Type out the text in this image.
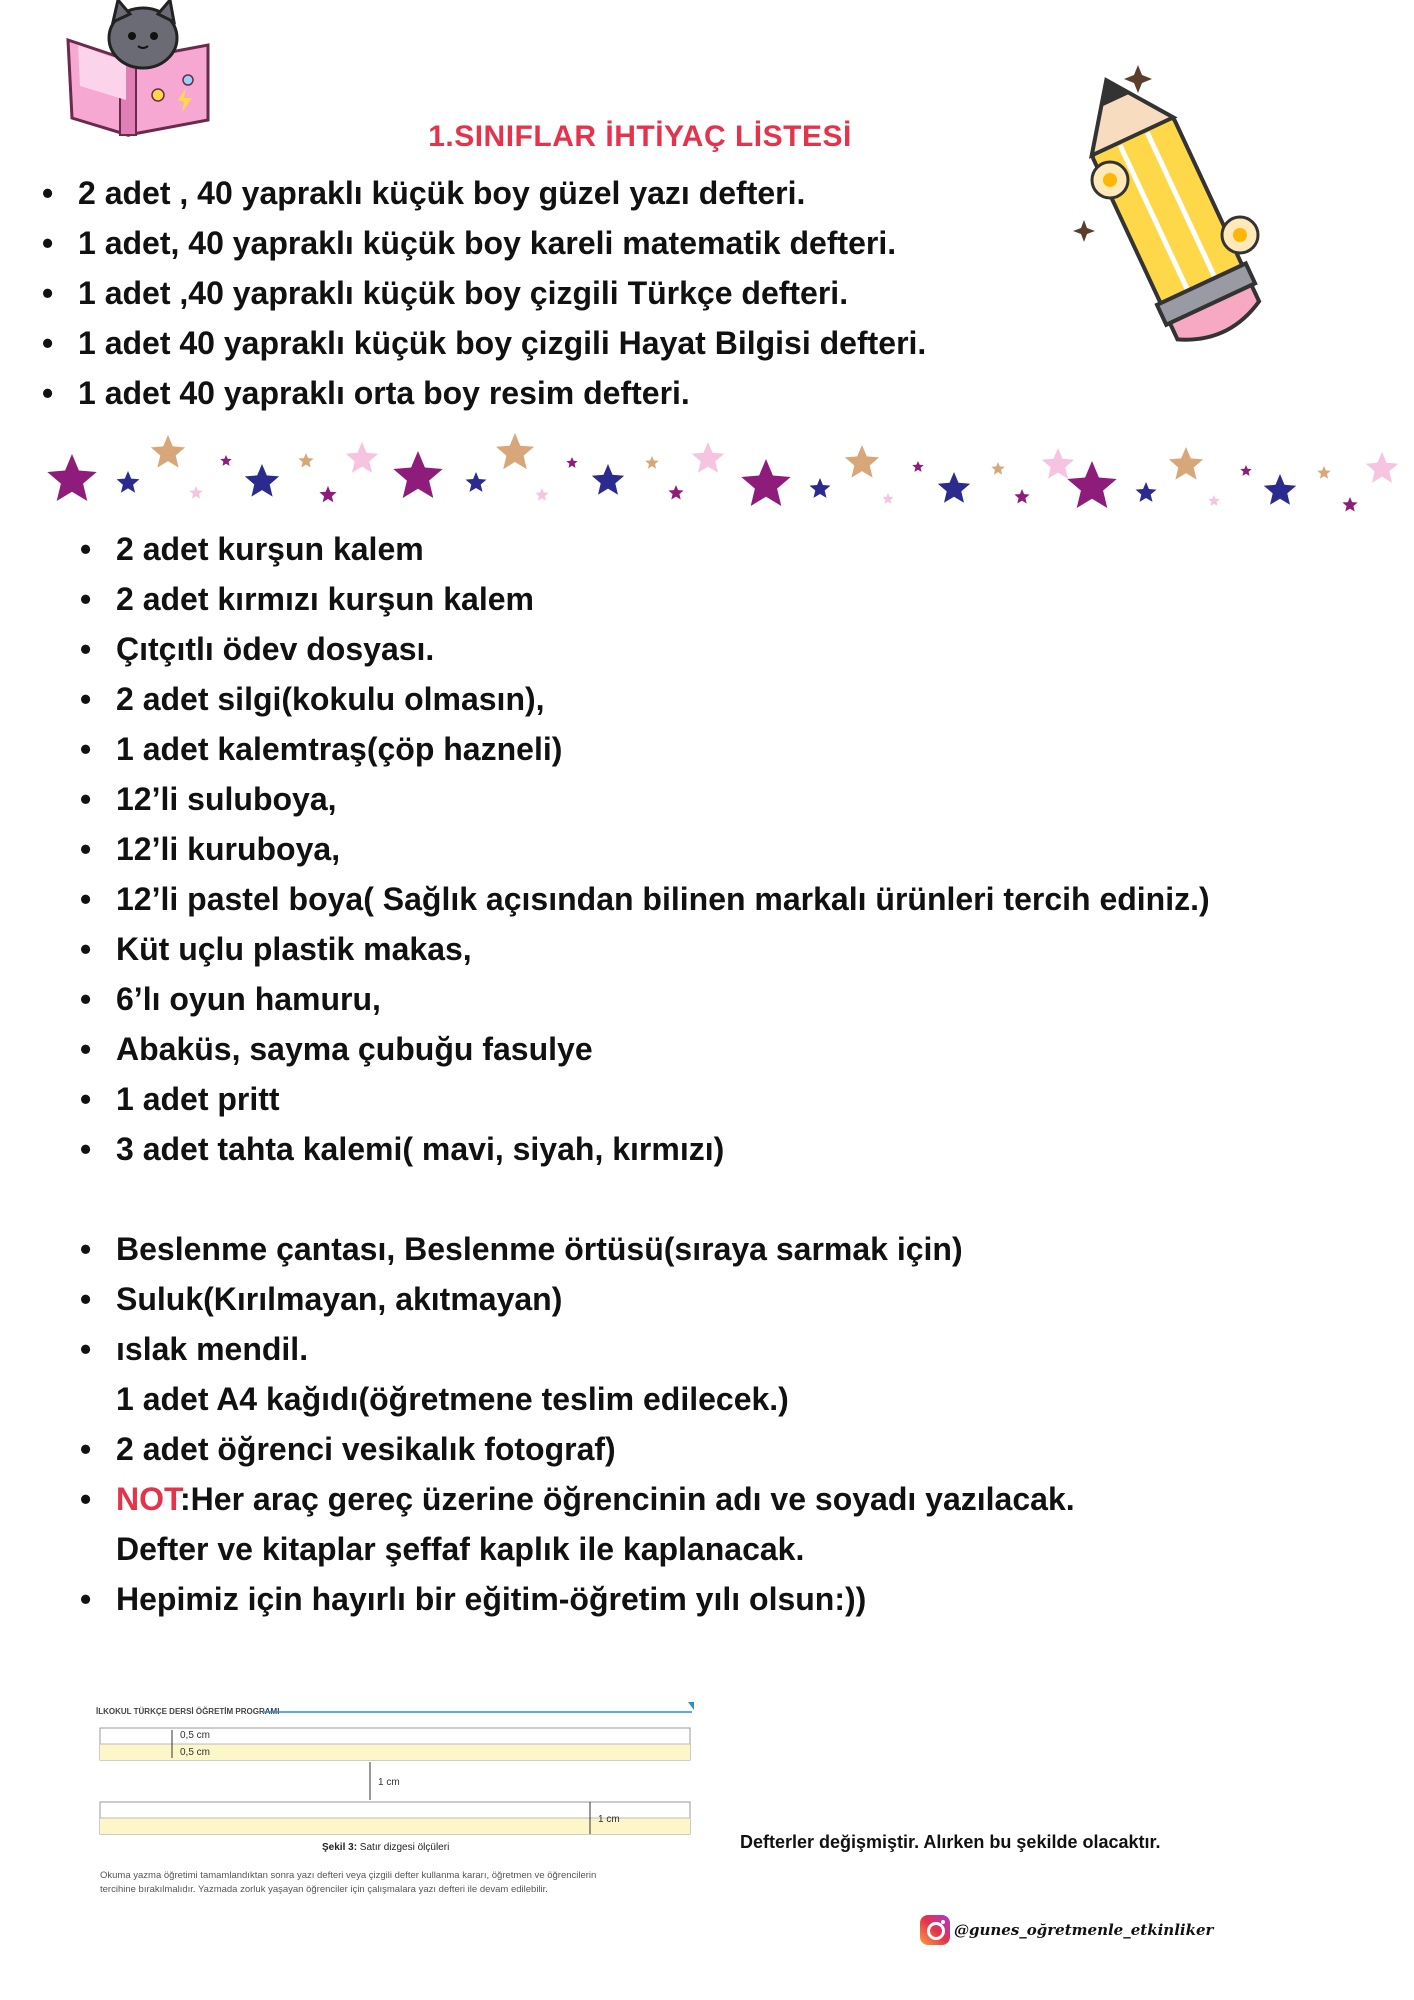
1.SINIFLAR İHTİYAÇ LİSTESİ
• 2 adet , 40 yapraklı küçük boy güzel yazı defteri.
• 1 adet, 40 yapraklı küçük boy kareli matematik defteri.
• 1 adet ,40 yapraklı küçük boy çizgili Türkçe defteri.
• 1 adet 40 yapraklı küçük boy çizgili Hayat Bilgisi defteri.
• 1 adet 40 yapraklı orta boy resim defteri.
• 2 adet kurşun kalem
• 2 adet kırmızı kurşun kalem
• Çıtçıtlı ödev dosyası.
• 2 adet silgi(kokulu olmasın),
• 1 adet kalemtraş(çöp hazneli)
• 12’li suluboya,
• 12’li kuruboya,
• 12’li pastel boya( Sağlık açısından bilinen markalı ürünleri tercih ediniz.)
• Küt uçlu plastik makas,
• 6’lı oyun hamuru,
• Abaküs, sayma çubuğu fasulye
• 1 adet pritt
• 3 adet tahta kalemi( mavi, siyah, kırmızı)
• Beslenme çantası, Beslenme örtüsü(sıraya sarmak için)
• Suluk(Kırılmayan, akıtmayan)
• ıslak mendil.
1 adet A4 kağıdı(öğretmene teslim edilecek.)
• 2 adet öğrenci vesikalık fotograf)
• NOT:Her araç gereç üzerine öğrencinin adı ve soyadı yazılacak.
Defter ve kitaplar şeffaf kaplık ile kaplanacak.
• Hepimiz için hayırlı bir eğitim-öğretim yılı olsun:))
İLKOKUL TÜRKÇE DERSİ ÖĞRETİM PROGRAMI
0,5 cm
0,5 cm
1 cm
1 cm
Şekil 3: Satır dizgesi ölçüleri
Okuma yazma öğretimi tamamlandıktan sonra yazı defteri veya çizgili defter kullanma kararı, öğretmen ve öğrencilerin
tercihine bırakılmalıdır. Yazmada zorluk yaşayan öğrenciler için çalışmalara yazı defteri ile devam edilebilir.
Defterler değişmiştir. Alırken bu şekilde olacaktır.
@gunes_oğretmenle_etkinliker
